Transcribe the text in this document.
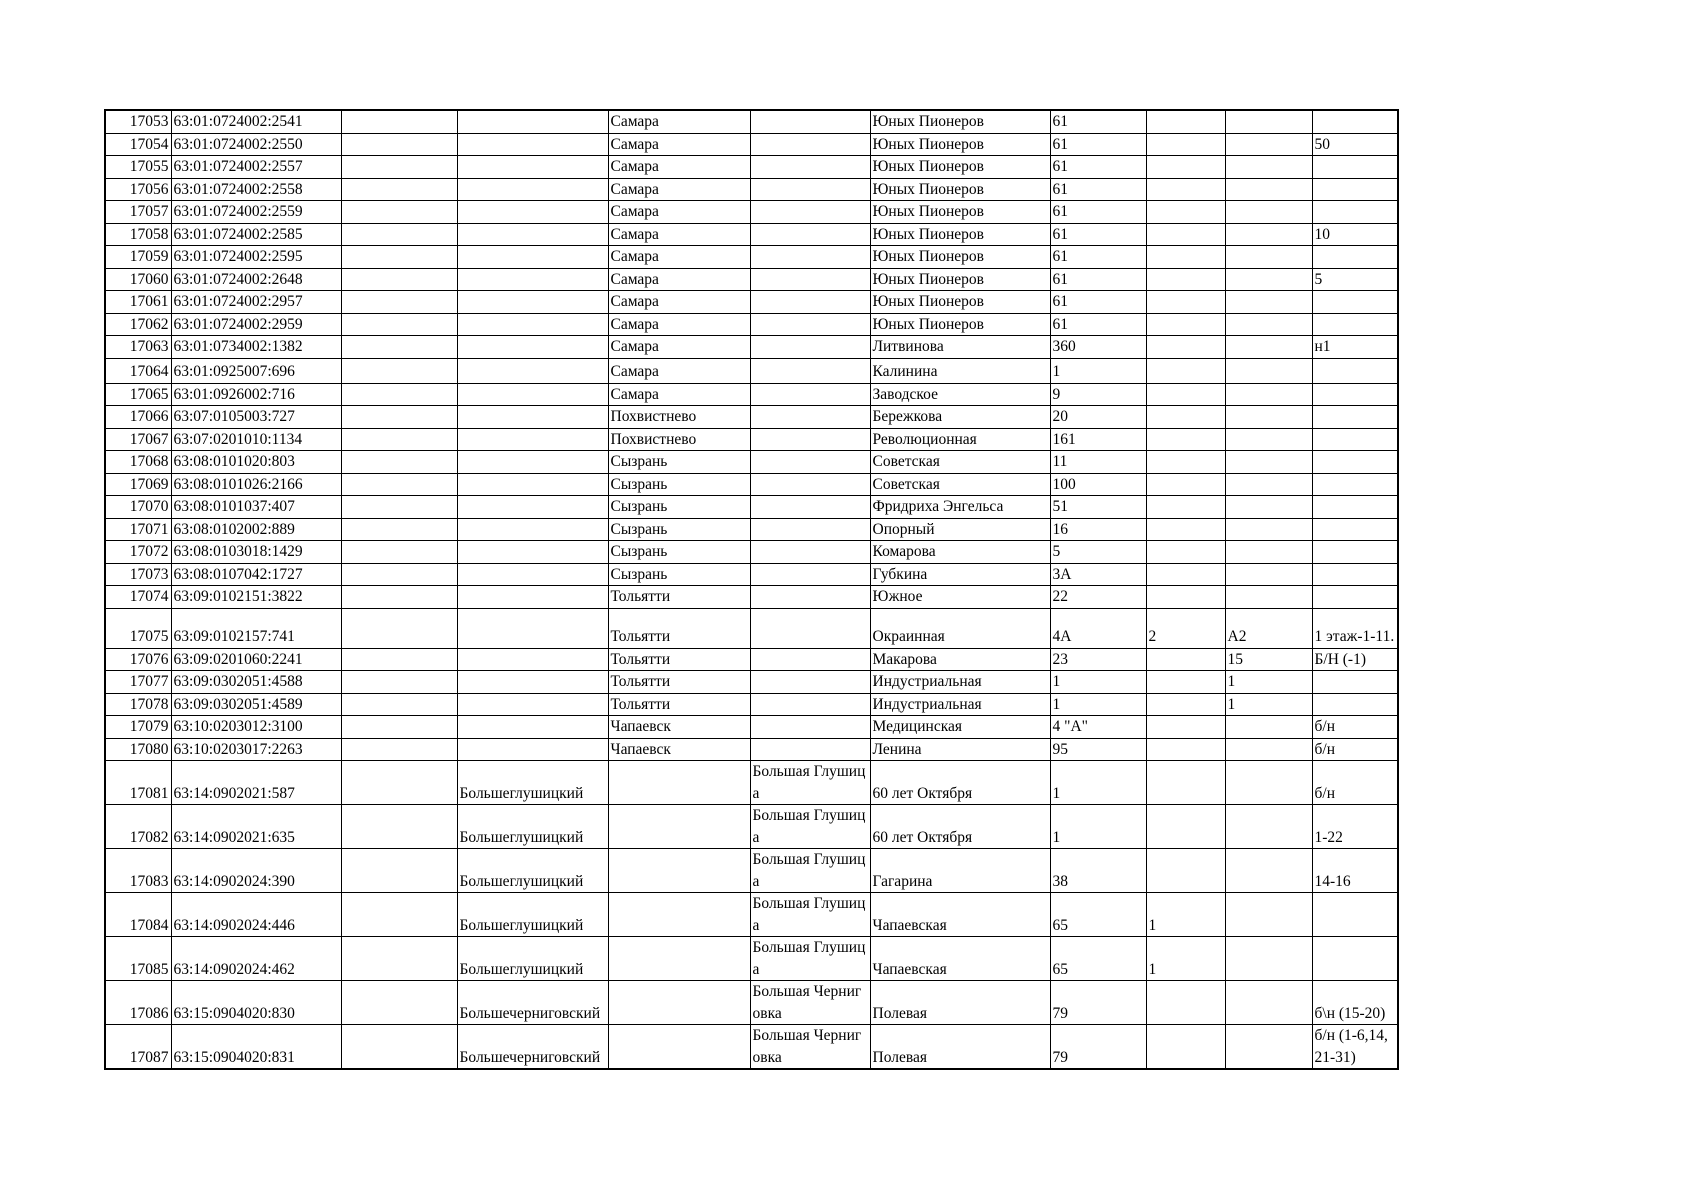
17053	63:01:0724002:2541			Самара		Юных Пионеров	61			
17054	63:01:0724002:2550			Самара		Юных Пионеров	61			50
17055	63:01:0724002:2557			Самара		Юных Пионеров	61			
17056	63:01:0724002:2558			Самара		Юных Пионеров	61			
17057	63:01:0724002:2559			Самара		Юных Пионеров	61			
17058	63:01:0724002:2585			Самара		Юных Пионеров	61			10
17059	63:01:0724002:2595			Самара		Юных Пионеров	61			
17060	63:01:0724002:2648			Самара		Юных Пионеров	61			5
17061	63:01:0724002:2957			Самара		Юных Пионеров	61			
17062	63:01:0724002:2959			Самара		Юных Пионеров	61			
17063	63:01:0734002:1382			Самара		Литвинова	360			н1
17064	63:01:0925007:696			Самара		Калинина	1			
17065	63:01:0926002:716			Самара		Заводское	9			
17066	63:07:0105003:727			Похвистнево		Бережкова	20			
17067	63:07:0201010:1134			Похвистнево		Революционная	161			
17068	63:08:0101020:803			Сызрань		Советская	11			
17069	63:08:0101026:2166			Сызрань		Советская	100			
17070	63:08:0101037:407			Сызрань		Фридриха Энгельса	51			
17071	63:08:0102002:889			Сызрань		Опорный	16			
17072	63:08:0103018:1429			Сызрань		Комарова	5			
17073	63:08:0107042:1727			Сызрань		Губкина	3А			
17074	63:09:0102151:3822			Тольятти		Южное	22			
17075	63:09:0102157:741			Тольятти		Окраинная	4А	2	А2	1 этаж-1-11.
17076	63:09:0201060:2241			Тольятти		Макарова	23		15	Б/Н (-1)
17077	63:09:0302051:4588			Тольятти		Индустриальная	1		1	
17078	63:09:0302051:4589			Тольятти		Индустриальная	1		1	
17079	63:10:0203012:3100			Чапаевск		Медицинская	4 "А"			б/н
17080	63:10:0203017:2263			Чапаевск		Ленина	95			б/н
17081	63:14:0902021:587		Большеглушицкий		Большая Глушица	60 лет Октября	1			б/н
17082	63:14:0902021:635		Большеглушицкий		Большая Глушица	60 лет Октября	1			1-22
17083	63:14:0902024:390		Большеглушицкий		Большая Глушица	Гагарина	38			14-16
17084	63:14:0902024:446		Большеглушицкий		Большая Глушица	Чапаевская	65	1		
17085	63:14:0902024:462		Большеглушицкий		Большая Глушица	Чапаевская	65	1		
17086	63:15:0904020:830		Большечерниговский		Большая Черниговка	Полевая	79			б\н (15-20)
17087	63:15:0904020:831		Большечерниговский		Большая Черниговка	Полевая	79			б/н (1-6,14,21-31)
